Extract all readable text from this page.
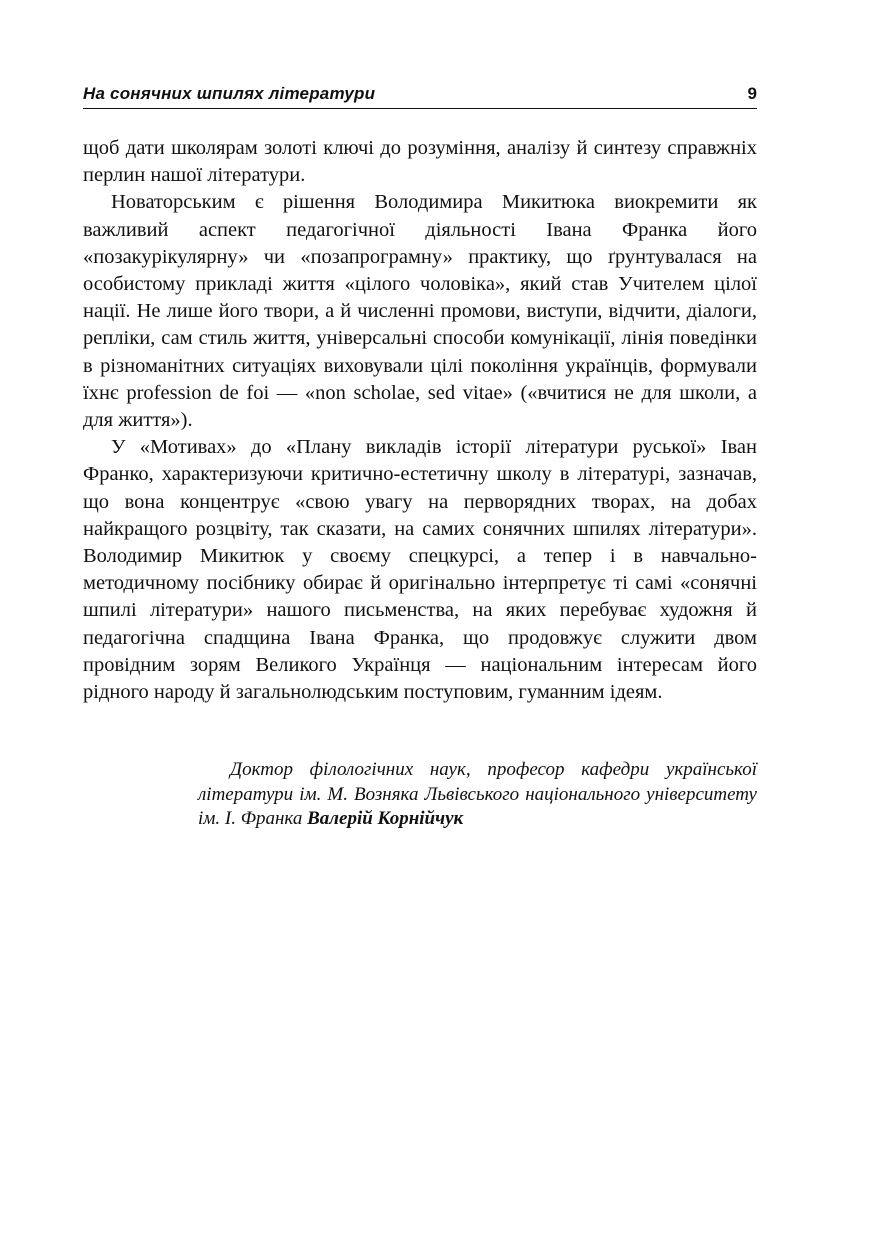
На сонячних шпилях літератури	9

щоб дати школярам золоті ключі до розуміння, аналізу й синтезу справжніх перлин нашої літератури.

Новаторським є рішення Володимира Микитюка виокремити як важливий аспект педагогічної діяльності Івана Франка його «позакурікулярну» чи «позапрограмну» практику, що ґрунтувалася на особистому прикладі життя «цілого чоловіка», який став Учителем цілої нації. Не лише його твори, а й численні промови, виступи, відчити, діалоги, репліки, сам стиль життя, універсальні способи комунікації, лінія поведінки в різноманітних ситуаціях виховували цілі покоління українців, формували їхнє profession de foi — «non scholae, sed vitae» («вчитися не для школи, а для життя»).

У «Мотивах» до «Плану викладів історії літератури руської» Іван Франко, характеризуючи критично-естетичну школу в літературі, зазначав, що вона концентрує «свою увагу на перворядних творах, на добах найкращого розцвіту, так сказати, на самих сонячних шпилях літератури». Володимир Микитюк у своєму спецкурсі, а тепер і в навчально-методичному посібнику обирає й оригінально інтерпретує ті самі «сонячні шпилі літератури» нашого письменства, на яких перебуває художня й педагогічна спадщина Івана Франка, що продовжує служити двом провідним зорям Великого Українця — національним інтересам його рідного народу й загальнолюдським поступовим, гуманним ідеям.

Доктор філологічних наук, професор кафедри української літератури ім. М. Возняка Львівського національного університету ім. І. Франка Валерій Корнійчук
